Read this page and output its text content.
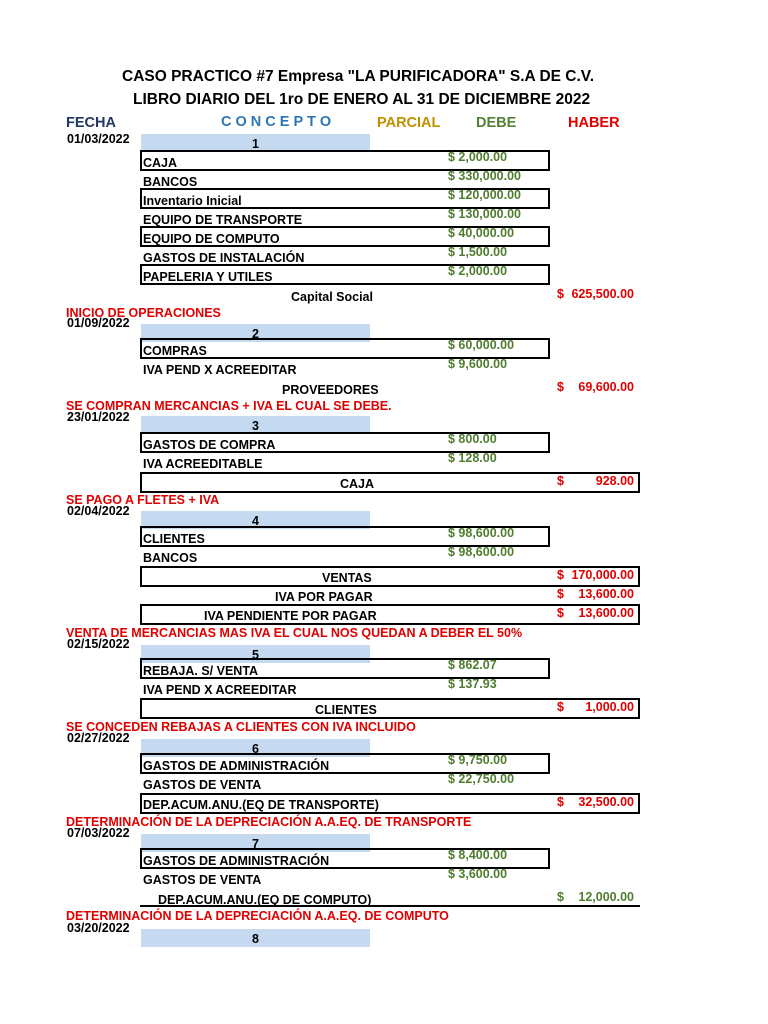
CASO PRACTICO #7 Empresa "LA PURIFICADORA" S.A DE C.V.
LIBRO DIARIO DEL 1ro DE ENERO AL 31 DE DICIEMBRE 2022
FECHA	C O N C E P T O	PARCIAL DEBE	HABER
01/03/2022	1
CAJA	$ 2,000.00
BANCOS	$ 330,000.00
Inventario Inicial	$ 120,000.00
EQUIPO DE TRANSPORTE	$ 130,000.00
EQUIPO DE COMPUTO	$ 40,000.00
GASTOS DE INSTALACIÓN	$ 1,500.00
PAPELERIA Y UTILES	$ 2,000.00
Capital Social	$ 625,500.00
INICIO DE OPERACIONES
01/09/2022
2
COMPRAS	$ 60,000.00
IVA PEND X ACREEDITAR	$ 9,600.00
PROVEEDORES	$	69,600.00
SE COMPRAN MERCANCIAS + IVA EL CUAL SE DEBE.
23/01/2022
3
GASTOS DE COMPRA	$ 800.00
IVA ACREEDITABLE	$ 128.00
CAJA	$	928.00
SE PAGO A FLETES + IVA
02/04/2022
4
CLIENTES	$ 98,600.00
BANCOS	$ 98,600.00
VENTAS	$ 170,000.00
IVA POR PAGAR	$	13,600.00
IVA PENDIENTE POR PAGAR	$	13,600.00
VENTA DE MERCANCIAS MAS IVA EL CUAL NOS QUEDAN A DEBER EL 50%
02/15/2022
5
REBAJA. S/ VENTA	$ 862.07
IVA PEND X ACREEDITAR	$ 137.93
CLIENTES	$	1,000.00
SE CONCEDEN REBAJAS A CLIENTES CON IVA INCLUIDO
02/27/2022
6
GASTOS DE ADMINISTRACIÓN	$ 9,750.00
GASTOS DE VENTA	$ 22,750.00
DEP.ACUM.ANU.(EQ DE TRANSPORTE)	$	32,500.00
DETERMINACIÓN DE LA DEPRECIACIÓN A.A.EQ. DE TRANSPORTE
07/03/2022
7
GASTOS DE ADMINISTRACIÓN	$ 8,400.00
GASTOS DE VENTA	$ 3,600.00
DEP.ACUM.ANU.(EQ DE COMPUTO)	$	12,000.00
DETERMINACIÓN DE LA DEPRECIACIÓN A.A.EQ. DE COMPUTO
03/20/2022
8
